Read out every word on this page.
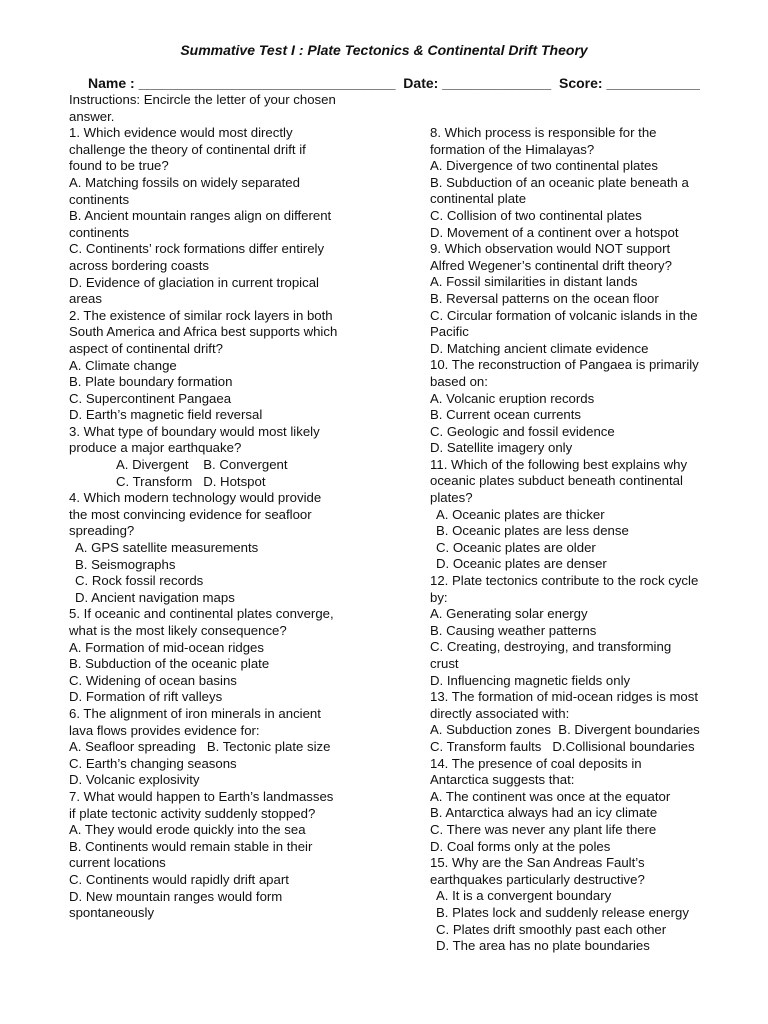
Summative Test I : Plate Tectonics & Continental Drift Theory
Name : _________________________________  Date: ______________  Score: ____________
Instructions: Encircle the letter of your chosen
answer.
1. Which evidence would most directly
challenge the theory of continental drift if
found to be true?
A. Matching fossils on widely separated
continents
B. Ancient mountain ranges align on different
continents
C. Continents’ rock formations differ entirely
across bordering coasts
D. Evidence of glaciation in current tropical
areas
2. The existence of similar rock layers in both
South America and Africa best supports which
aspect of continental drift?
A. Climate change
B. Plate boundary formation
C. Supercontinent Pangaea
D. Earth’s magnetic field reversal
3. What type of boundary would most likely
produce a major earthquake?
A. Divergent    B. Convergent
C. Transform   D. Hotspot
4. Which modern technology would provide
the most convincing evidence for seafloor
spreading?
A. GPS satellite measurements
B. Seismographs
C. Rock fossil records
D. Ancient navigation maps
5. If oceanic and continental plates converge,
what is the most likely consequence?
A. Formation of mid-ocean ridges
B. Subduction of the oceanic plate
C. Widening of ocean basins
D. Formation of rift valleys
6. The alignment of iron minerals in ancient
lava flows provides evidence for:
A. Seafloor spreading   B. Tectonic plate size
C. Earth’s changing seasons
D. Volcanic explosivity
7. What would happen to Earth’s landmasses
if plate tectonic activity suddenly stopped?
A. They would erode quickly into the sea
B. Continents would remain stable in their
current locations
C. Continents would rapidly drift apart
D. New mountain ranges would form
spontaneously
8. Which process is responsible for the
formation of the Himalayas?
A. Divergence of two continental plates
B. Subduction of an oceanic plate beneath a
continental plate
C. Collision of two continental plates
D. Movement of a continent over a hotspot
9. Which observation would NOT support
Alfred Wegener’s continental drift theory?
A. Fossil similarities in distant lands
B. Reversal patterns on the ocean floor
C. Circular formation of volcanic islands in the
Pacific
D. Matching ancient climate evidence
10. The reconstruction of Pangaea is primarily
based on:
A. Volcanic eruption records
B. Current ocean currents
C. Geologic and fossil evidence
D. Satellite imagery only
11. Which of the following best explains why
oceanic plates subduct beneath continental
plates?
A. Oceanic plates are thicker
B. Oceanic plates are less dense
C. Oceanic plates are older
D. Oceanic plates are denser
12. Plate tectonics contribute to the rock cycle
by:
A. Generating solar energy
B. Causing weather patterns
C. Creating, destroying, and transforming
crust
D. Influencing magnetic fields only
13. The formation of mid-ocean ridges is most
directly associated with:
A. Subduction zones  B. Divergent boundaries
C. Transform faults   D.Collisional boundaries
14. The presence of coal deposits in
Antarctica suggests that:
A. The continent was once at the equator
B. Antarctica always had an icy climate
C. There was never any plant life there
D. Coal forms only at the poles
15. Why are the San Andreas Fault’s
earthquakes particularly destructive?
A. It is a convergent boundary
B. Plates lock and suddenly release energy
C. Plates drift smoothly past each other
D. The area has no plate boundaries
